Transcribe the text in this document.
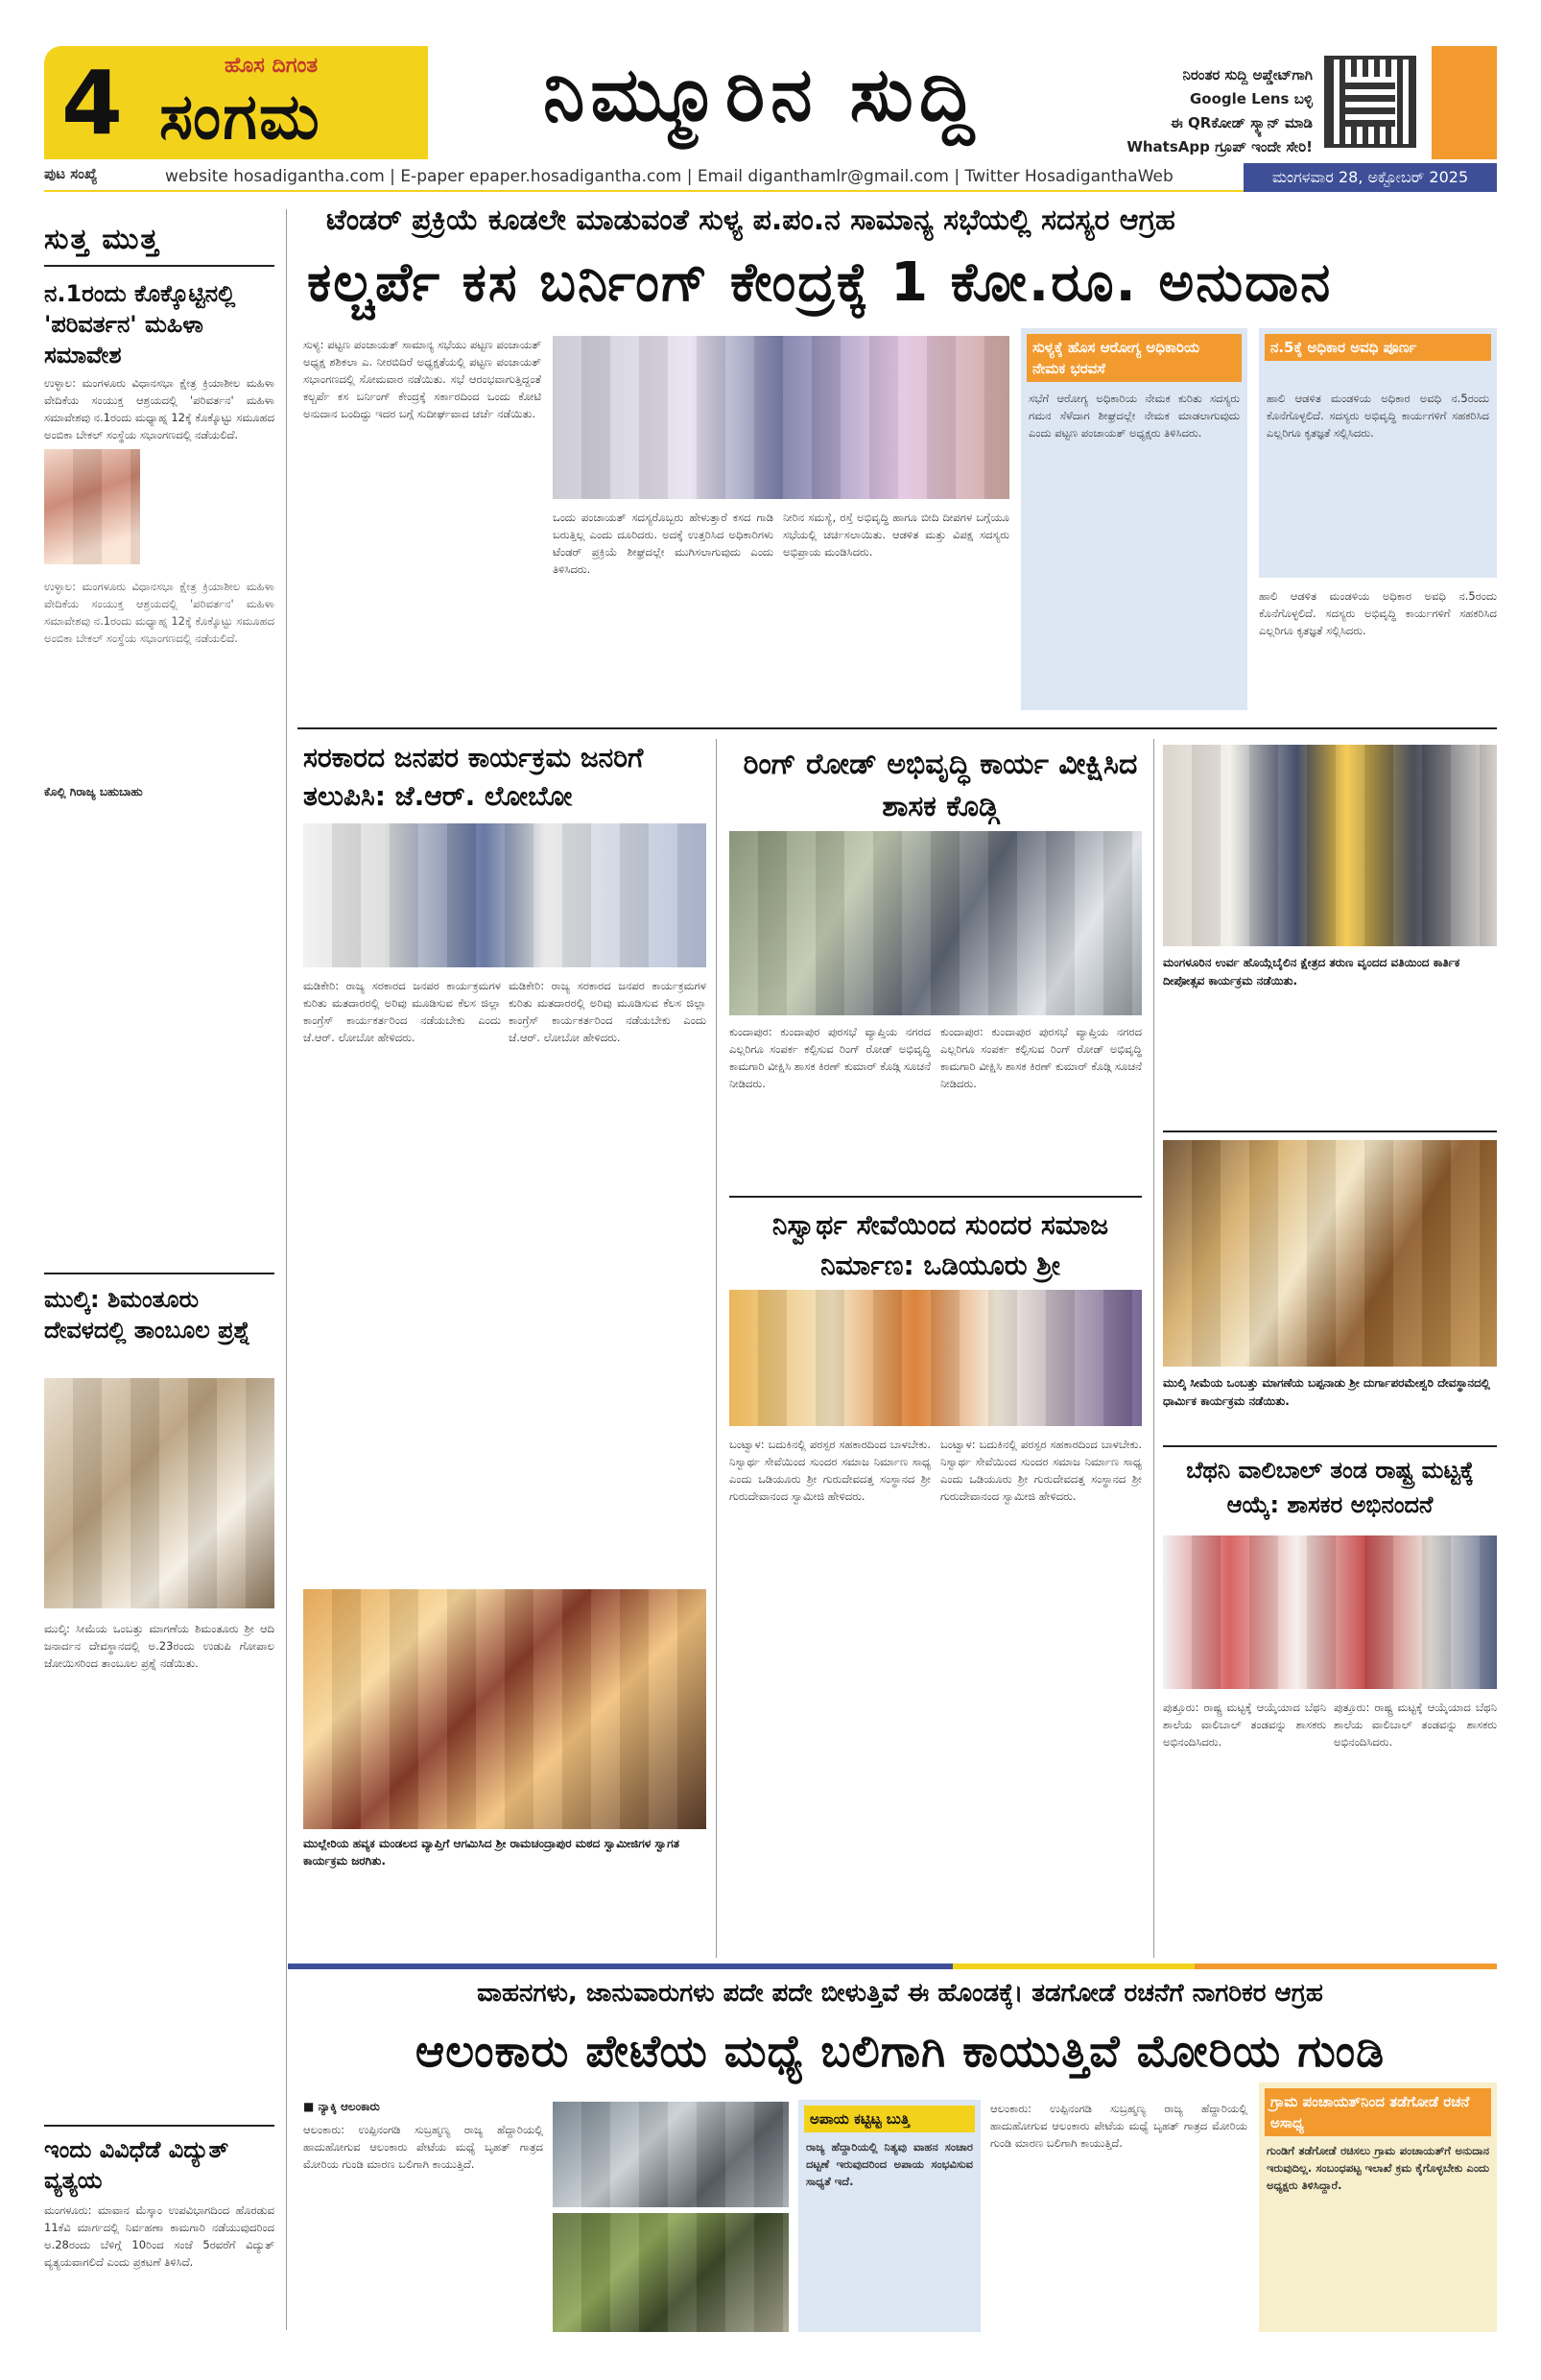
4	ಹೊಸ ದಿಗಂತ
ಸಂಗಮ	ನಿಮ್ಮೂರಿನ ಸುದ್ದಿ	ನಿರಂತರ ಸುದ್ದಿ ಅಪ್ಡೇಟ್‌ಗಾಗಿ
Google Lens ಬಳ್ಳಿ
ಈ QRಕೋಡ್ ಸ್ಕ್ಯಾನ್ ಮಾಡಿ
WhatsApp ಗ್ರೂಪ್ ಇಂದೇ ಸೇರಿ!
ಪುಟ ಸಂಖ್ಯೆ	website hosadigantha.com | E-paper epaper.hosadigantha.com | Email diganthamlr@gmail.com | Twitter HosadiganthaWeb	ಮಂಗಳವಾರ 28, ಅಕ್ಟೋಬರ್ 2025
ಸುತ್ತ ಮುತ್ತ
ನ.1ರಂದು ಕೊಕ್ಕೊಟ್ಟಿನಲ್ಲಿ 'ಪರಿವರ್ತನ' ಮಹಿಳಾ ಸಮಾವೇಶ
ಉಳ್ಳಾಲ: ಮಂಗಳೂರು ವಿಧಾನಸಭಾ ಕ್ಷೇತ್ರ ಕ್ರಿಯಾಶೀಲ ಮಹಿಳಾ ವೇದಿಕೆಯ ಸಂಯುಕ್ತ ಆಶ್ರಯದಲ್ಲಿ 'ಪರಿವರ್ತನ' ಮಹಿಳಾ ಸಮಾವೇಶವು ನ.1ರಂದು ಮಧ್ಯಾಹ್ನ 12ಕ್ಕೆ ಕೊಕ್ಕೊಟ್ಟು ಸಮೂಹದ ಅಂಬಿಕಾ ಬೇಕಲ್ ಸಂಸ್ಥೆಯ ಸಭಾಂಗಣದಲ್ಲಿ ನಡೆಯಲಿದೆ.
ಉಳ್ಳಾಲ: ಮಂಗಳೂರು ವಿಧಾನಸಭಾ ಕ್ಷೇತ್ರ ಕ್ರಿಯಾಶೀಲ ಮಹಿಳಾ ವೇದಿಕೆಯ ಸಂಯುಕ್ತ ಆಶ್ರಯದಲ್ಲಿ 'ಪರಿವರ್ತನ' ಮಹಿಳಾ ಸಮಾವೇಶವು ನ.1ರಂದು ಮಧ್ಯಾಹ್ನ 12ಕ್ಕೆ ಕೊಕ್ಕೊಟ್ಟು ಸಮೂಹದ ಅಂಬಿಕಾ ಬೇಕಲ್ ಸಂಸ್ಥೆಯ ಸಭಾಂಗಣದಲ್ಲಿ ನಡೆಯಲಿದೆ.
ಕೊಲ್ಲಿ ಗಿರಾಜ್ಯ ಬಹುಬಾಹು
ಮುಲ್ಕಿ: ಶಿಮಂತೂರು ದೇವಳದಲ್ಲಿ ತಾಂಬೂಲ ಪ್ರಶ್ನೆ
ಮುಲ್ಕಿ: ಸೀಮೆಯ ಒಂಬತ್ತು ಮಾಗಣೆಯ ಶಿಮಂತೂರು ಶ್ರೀ ಆದಿ ಜನಾರ್ದನ ದೇವಸ್ಥಾನದಲ್ಲಿ ಅ.23ರಂದು ಉಡುಪಿ ಗೋಪಾಲ ಜೋಯಿಸರಿಂದ ತಾಂಬೂಲ ಪ್ರಶ್ನೆ ನಡೆಯಿತು.
ಇಂದು ವಿವಿಧೆಡೆ ವಿದ್ಯುತ್ ವ್ಯತ್ಯಯ
ಮಂಗಳೂರು: ಮಾವಾನ ಮೆಸ್ಕಾಂ ಉಪವಿಭಾಗದಿಂದ ಹೊರಡುವ 11ಕೆವಿ ಮಾರ್ಗದಲ್ಲಿ ನಿರ್ವಹಣಾ ಕಾಮಗಾರಿ ನಡೆಯುವುದರಿಂದ ಅ.28ರಂದು ಬೆಳಿಗ್ಗೆ 10ರಿಂದ ಸಂಜೆ 5ರವರೆಗೆ ವಿದ್ಯುತ್ ವ್ಯತ್ಯಯವಾಗಲಿದೆ ಎಂದು ಪ್ರಕಟಣೆ ತಿಳಿಸಿದೆ.
ಟೆಂಡರ್ ಪ್ರಕ್ರಿಯೆ ಕೂಡಲೇ ಮಾಡುವಂತೆ ಸುಳ್ಯ ಪ.ಪಂ.ನ ಸಾಮಾನ್ಯ ಸಭೆಯಲ್ಲಿ ಸದಸ್ಯರ ಆಗ್ರಹ
ಕಲ್ಚರ್ಪೆ ಕಸ ಬರ್ನಿಂಗ್ ಕೇಂದ್ರಕ್ಕೆ 1 ಕೋ.ರೂ. ಅನುದಾನ
ಸುಳ್ಯ: ಪಟ್ಟಣ ಪಂಚಾಯತ್ ಸಾಮಾನ್ಯ ಸಭೆಯು ಪಟ್ಟಣ ಪಂಚಾಯತ್ ಅಧ್ಯಕ್ಷ ಶಶಿಕಲಾ ಎ. ನೀರಬಿದಿರೆ ಅಧ್ಯಕ್ಷತೆಯಲ್ಲಿ ಪಟ್ಟಣ ಪಂಚಾಯತ್ ಸಭಾಂಗಣದಲ್ಲಿ ಸೋಮವಾರ ನಡೆಯಿತು. ಸಭೆ ಆರಂಭವಾಗುತ್ತಿದ್ದಂತೆ ಕಲ್ಚರ್ಪೆ ಕಸ ಬರ್ನಿಂಗ್ ಕೇಂದ್ರಕ್ಕೆ ಸರ್ಕಾರದಿಂದ ಒಂದು ಕೋಟಿ ಅನುದಾನ ಬಂದಿದ್ದು ಇದರ ಬಗ್ಗೆ ಸುದೀರ್ಘವಾದ ಚರ್ಚೆ ನಡೆಯಿತು.
ಒಂದು ಪಂಚಾಯತ್ ಸದಸ್ಯರೊಬ್ಬರು ಹೇಳುತ್ತಾರೆ ಕಸದ ಗಾಡಿ ಬರುತ್ತಿಲ್ಲ ಎಂದು ದೂರಿದರು. ಅದಕ್ಕೆ ಉತ್ತರಿಸಿದ ಅಧಿಕಾರಿಗಳು ಟೆಂಡರ್ ಪ್ರಕ್ರಿಯೆ ಶೀಘ್ರದಲ್ಲೇ ಮುಗಿಸಲಾಗುವುದು ಎಂದು ತಿಳಿಸಿದರು.
ನೀರಿನ ಸಮಸ್ಯೆ, ರಸ್ತೆ ಅಭಿವೃದ್ಧಿ ಹಾಗೂ ಬೀದಿ ದೀಪಗಳ ಬಗ್ಗೆಯೂ ಸಭೆಯಲ್ಲಿ ಚರ್ಚಿಸಲಾಯಿತು. ಆಡಳಿತ ಮತ್ತು ವಿಪಕ್ಷ ಸದಸ್ಯರು ಅಭಿಪ್ರಾಯ ಮಂಡಿಸಿದರು.
ಸುಳ್ಯಕ್ಕೆ ಹೊಸ ಆರೋಗ್ಯ ಅಧಿಕಾರಿಯ ನೇಮಕ ಭರವಸೆ
ಸಭೆಗೆ ಆರೋಗ್ಯ ಅಧಿಕಾರಿಯ ನೇಮಕ ಕುರಿತು ಸದಸ್ಯರು ಗಮನ ಸೆಳೆದಾಗ ಶೀಘ್ರದಲ್ಲೇ ನೇಮಕ ಮಾಡಲಾಗುವುದು ಎಂದು ಪಟ್ಟಣ ಪಂಚಾಯತ್ ಅಧ್ಯಕ್ಷರು ತಿಳಿಸಿದರು.
ನ.5ಕ್ಕೆ ಅಧಿಕಾರ ಅವಧಿ ಪೂರ್ಣ
ಹಾಲಿ ಆಡಳಿತ ಮಂಡಳಿಯ ಅಧಿಕಾರ ಅವಧಿ ನ.5ರಂದು ಕೊನೆಗೊಳ್ಳಲಿದೆ. ಸದಸ್ಯರು ಅಭಿವೃದ್ಧಿ ಕಾರ್ಯಗಳಿಗೆ ಸಹಕರಿಸಿದ ಎಲ್ಲರಿಗೂ ಕೃತಜ್ಞತೆ ಸಲ್ಲಿಸಿದರು.
ಹಾಲಿ ಆಡಳಿತ ಮಂಡಳಿಯ ಅಧಿಕಾರ ಅವಧಿ ನ.5ರಂದು ಕೊನೆಗೊಳ್ಳಲಿದೆ. ಸದಸ್ಯರು ಅಭಿವೃದ್ಧಿ ಕಾರ್ಯಗಳಿಗೆ ಸಹಕರಿಸಿದ ಎಲ್ಲರಿಗೂ ಕೃತಜ್ಞತೆ ಸಲ್ಲಿಸಿದರು.
ಸರಕಾರದ ಜನಪರ ಕಾರ್ಯಕ್ರಮ ಜನರಿಗೆ ತಲುಪಿಸಿ: ಜೆ.ಆರ್. ಲೋಬೋ
ಮಡಿಕೇರಿ: ರಾಜ್ಯ ಸರಕಾರದ ಜನಪರ ಕಾರ್ಯಕ್ರಮಗಳ ಕುರಿತು ಮತದಾರರಲ್ಲಿ ಅರಿವು ಮೂಡಿಸುವ ಕೆಲಸ ಜಿಲ್ಲಾ ಕಾಂಗ್ರೆಸ್ ಕಾರ್ಯಕರ್ತರಿಂದ ನಡೆಯಬೇಕು ಎಂದು ಜೆ.ಆರ್. ಲೋಬೋ ಹೇಳಿದರು.
ಮಡಿಕೇರಿ: ರಾಜ್ಯ ಸರಕಾರದ ಜನಪರ ಕಾರ್ಯಕ್ರಮಗಳ ಕುರಿತು ಮತದಾರರಲ್ಲಿ ಅರಿವು ಮೂಡಿಸುವ ಕೆಲಸ ಜಿಲ್ಲಾ ಕಾಂಗ್ರೆಸ್ ಕಾರ್ಯಕರ್ತರಿಂದ ನಡೆಯಬೇಕು ಎಂದು ಜೆ.ಆರ್. ಲೋಬೋ ಹೇಳಿದರು.
ರಿಂಗ್ ರೋಡ್ ಅಭಿವೃದ್ಧಿ ಕಾರ್ಯ ವೀಕ್ಷಿಸಿದ ಶಾಸಕ ಕೊಡ್ಗಿ
ಕುಂದಾಪುರ: ಕುಂದಾಪುರ ಪುರಸಭೆ ವ್ಯಾಪ್ತಿಯ ನಗರದ ಎಲ್ಲರಿಗೂ ಸಂಪರ್ಕ ಕಲ್ಪಿಸುವ ರಿಂಗ್ ರೋಡ್ ಅಭಿವೃದ್ಧಿ ಕಾಮಗಾರಿ ವೀಕ್ಷಿಸಿ ಶಾಸಕ ಕಿರಣ್ ಕುಮಾರ್ ಕೊಡ್ಗಿ ಸೂಚನೆ ನೀಡಿದರು.
ಕುಂದಾಪುರ: ಕುಂದಾಪುರ ಪುರಸಭೆ ವ್ಯಾಪ್ತಿಯ ನಗರದ ಎಲ್ಲರಿಗೂ ಸಂಪರ್ಕ ಕಲ್ಪಿಸುವ ರಿಂಗ್ ರೋಡ್ ಅಭಿವೃದ್ಧಿ ಕಾಮಗಾರಿ ವೀಕ್ಷಿಸಿ ಶಾಸಕ ಕಿರಣ್ ಕುಮಾರ್ ಕೊಡ್ಗಿ ಸೂಚನೆ ನೀಡಿದರು.
ನಿಸ್ವಾರ್ಥ ಸೇವೆಯಿಂದ ಸುಂದರ ಸಮಾಜ ನಿರ್ಮಾಣ: ಒಡಿಯೂರು ಶ್ರೀ
ಬಂಟ್ವಾಳ: ಬದುಕಿನಲ್ಲಿ ಪರಸ್ಪರ ಸಹಕಾರದಿಂದ ಬಾಳಬೇಕು. ನಿಸ್ವಾರ್ಥ ಸೇವೆಯಿಂದ ಸುಂದರ ಸಮಾಜ ನಿರ್ಮಾಣ ಸಾಧ್ಯ ಎಂದು ಒಡಿಯೂರು ಶ್ರೀ ಗುರುದೇವದತ್ತ ಸಂಸ್ಥಾನದ ಶ್ರೀ ಗುರುದೇವಾನಂದ ಸ್ವಾಮೀಜಿ ಹೇಳಿದರು.
ಬಂಟ್ವಾಳ: ಬದುಕಿನಲ್ಲಿ ಪರಸ್ಪರ ಸಹಕಾರದಿಂದ ಬಾಳಬೇಕು. ನಿಸ್ವಾರ್ಥ ಸೇವೆಯಿಂದ ಸುಂದರ ಸಮಾಜ ನಿರ್ಮಾಣ ಸಾಧ್ಯ ಎಂದು ಒಡಿಯೂರು ಶ್ರೀ ಗುರುದೇವದತ್ತ ಸಂಸ್ಥಾನದ ಶ್ರೀ ಗುರುದೇವಾನಂದ ಸ್ವಾಮೀಜಿ ಹೇಳಿದರು.
ಮುಲ್ಲೇರಿಯ ಹವ್ಯಕ ಮಂಡಲದ ವ್ಯಾಪ್ತಿಗೆ ಆಗಮಿಸಿದ ಶ್ರೀ ರಾಮಚಂದ್ರಾಪುರ ಮಠದ ಸ್ವಾಮೀಜಿಗಳ ಸ್ವಾಗತ ಕಾರ್ಯಕ್ರಮ ಜರಗಿತು.
ಮಂಗಳೂರಿನ ಉರ್ವ ಹೊಯ್ಗೆಬೈಲಿನ ಕ್ಷೇತ್ರದ ತರುಣ ವೃಂದದ ವತಿಯಿಂದ ಕಾರ್ತಿಕ ದೀಪೋತ್ಸವ ಕಾರ್ಯಕ್ರಮ ನಡೆಯಿತು.
ಮುಲ್ಕಿ ಸೀಮೆಯ ಒಂಬತ್ತು ಮಾಗಣೆಯ ಬಪ್ಪನಾಡು ಶ್ರೀ ದುರ್ಗಾಪರಮೇಶ್ವರಿ ದೇವಸ್ಥಾನದಲ್ಲಿ ಧಾರ್ಮಿಕ ಕಾರ್ಯಕ್ರಮ ನಡೆಯಿತು.
ಬೆಥನಿ ವಾಲಿಬಾಲ್ ತಂಡ ರಾಷ್ಟ್ರ ಮಟ್ಟಕ್ಕೆ ಆಯ್ಕೆ: ಶಾಸಕರ ಅಭಿನಂದನೆ
ಪುತ್ತೂರು: ರಾಷ್ಟ್ರ ಮಟ್ಟಕ್ಕೆ ಆಯ್ಕೆಯಾದ ಬೆಥನಿ ಶಾಲೆಯ ವಾಲಿಬಾಲ್ ತಂಡವನ್ನು ಶಾಸಕರು ಅಭಿನಂದಿಸಿದರು.
ಪುತ್ತೂರು: ರಾಷ್ಟ್ರ ಮಟ್ಟಕ್ಕೆ ಆಯ್ಕೆಯಾದ ಬೆಥನಿ ಶಾಲೆಯ ವಾಲಿಬಾಲ್ ತಂಡವನ್ನು ಶಾಸಕರು ಅಭಿನಂದಿಸಿದರು.
ವಾಹನಗಳು, ಜಾನುವಾರುಗಳು ಪದೇ ಪದೇ ಬೀಳುತ್ತಿವೆ ಈ ಹೊಂಡಕ್ಕೆ। ತಡಗೋಡೆ ರಚನೆಗೆ ನಾಗರಿಕರ ಆಗ್ರಹ
ಆಲಂಕಾರು ಪೇಟೆಯ ಮಧ್ಯೆ ಬಲಿಗಾಗಿ ಕಾಯುತ್ತಿವೆ ಮೋರಿಯ ಗುಂಡಿ
■ ನ್ಯಾಕ್ಕಿ ಆಲಂಕಾರು
ಆಲಂಕಾರು: ಉಪ್ಪಿನಂಗಡಿ ಸುಬ್ರಹ್ಮಣ್ಯ ರಾಜ್ಯ ಹೆದ್ದಾರಿಯಲ್ಲಿ ಹಾದುಹೋಗುವ ಆಲಂಕಾರು ಪೇಟೆಯ ಮಧ್ಯೆ ಬೃಹತ್ ಗಾತ್ರದ ಮೋರಿಯ ಗುಂಡಿ ಮಾರಣ ಬಲಿಗಾಗಿ ಕಾಯುತ್ತಿದೆ.
ಅಪಾಯ ಕಟ್ಟಿಟ್ಟ ಬುತ್ತಿ
ರಾಜ್ಯ ಹೆದ್ದಾರಿಯಲ್ಲಿ ನಿತ್ಯವು ವಾಹನ ಸಂಚಾರ ದಟ್ಟಣೆ ಇರುವುದರಿಂದ ಅಪಾಯ ಸಂಭವಿಸುವ ಸಾಧ್ಯತೆ ಇದೆ.
ಆಲಂಕಾರು: ಉಪ್ಪಿನಂಗಡಿ ಸುಬ್ರಹ್ಮಣ್ಯ ರಾಜ್ಯ ಹೆದ್ದಾರಿಯಲ್ಲಿ ಹಾದುಹೋಗುವ ಆಲಂಕಾರು ಪೇಟೆಯ ಮಧ್ಯೆ ಬೃಹತ್ ಗಾತ್ರದ ಮೋರಿಯ ಗುಂಡಿ ಮಾರಣ ಬಲಿಗಾಗಿ ಕಾಯುತ್ತಿದೆ.
ಗ್ರಾಮ ಪಂಚಾಯತ್‌ನಿಂದ ತಡೆಗೋಡೆ ರಚನೆ ಅಸಾಧ್ಯ
ಗುಂಡಿಗೆ ತಡೆಗೋಡೆ ರಚಿಸಲು ಗ್ರಾಮ ಪಂಚಾಯತ್‌ಗೆ ಅನುದಾನ ಇರುವುದಿಲ್ಲ. ಸಂಬಂಧಪಟ್ಟ ಇಲಾಖೆ ಕ್ರಮ ಕೈಗೊಳ್ಳಬೇಕು ಎಂದು ಅಧ್ಯಕ್ಷರು ತಿಳಿಸಿದ್ದಾರೆ.
